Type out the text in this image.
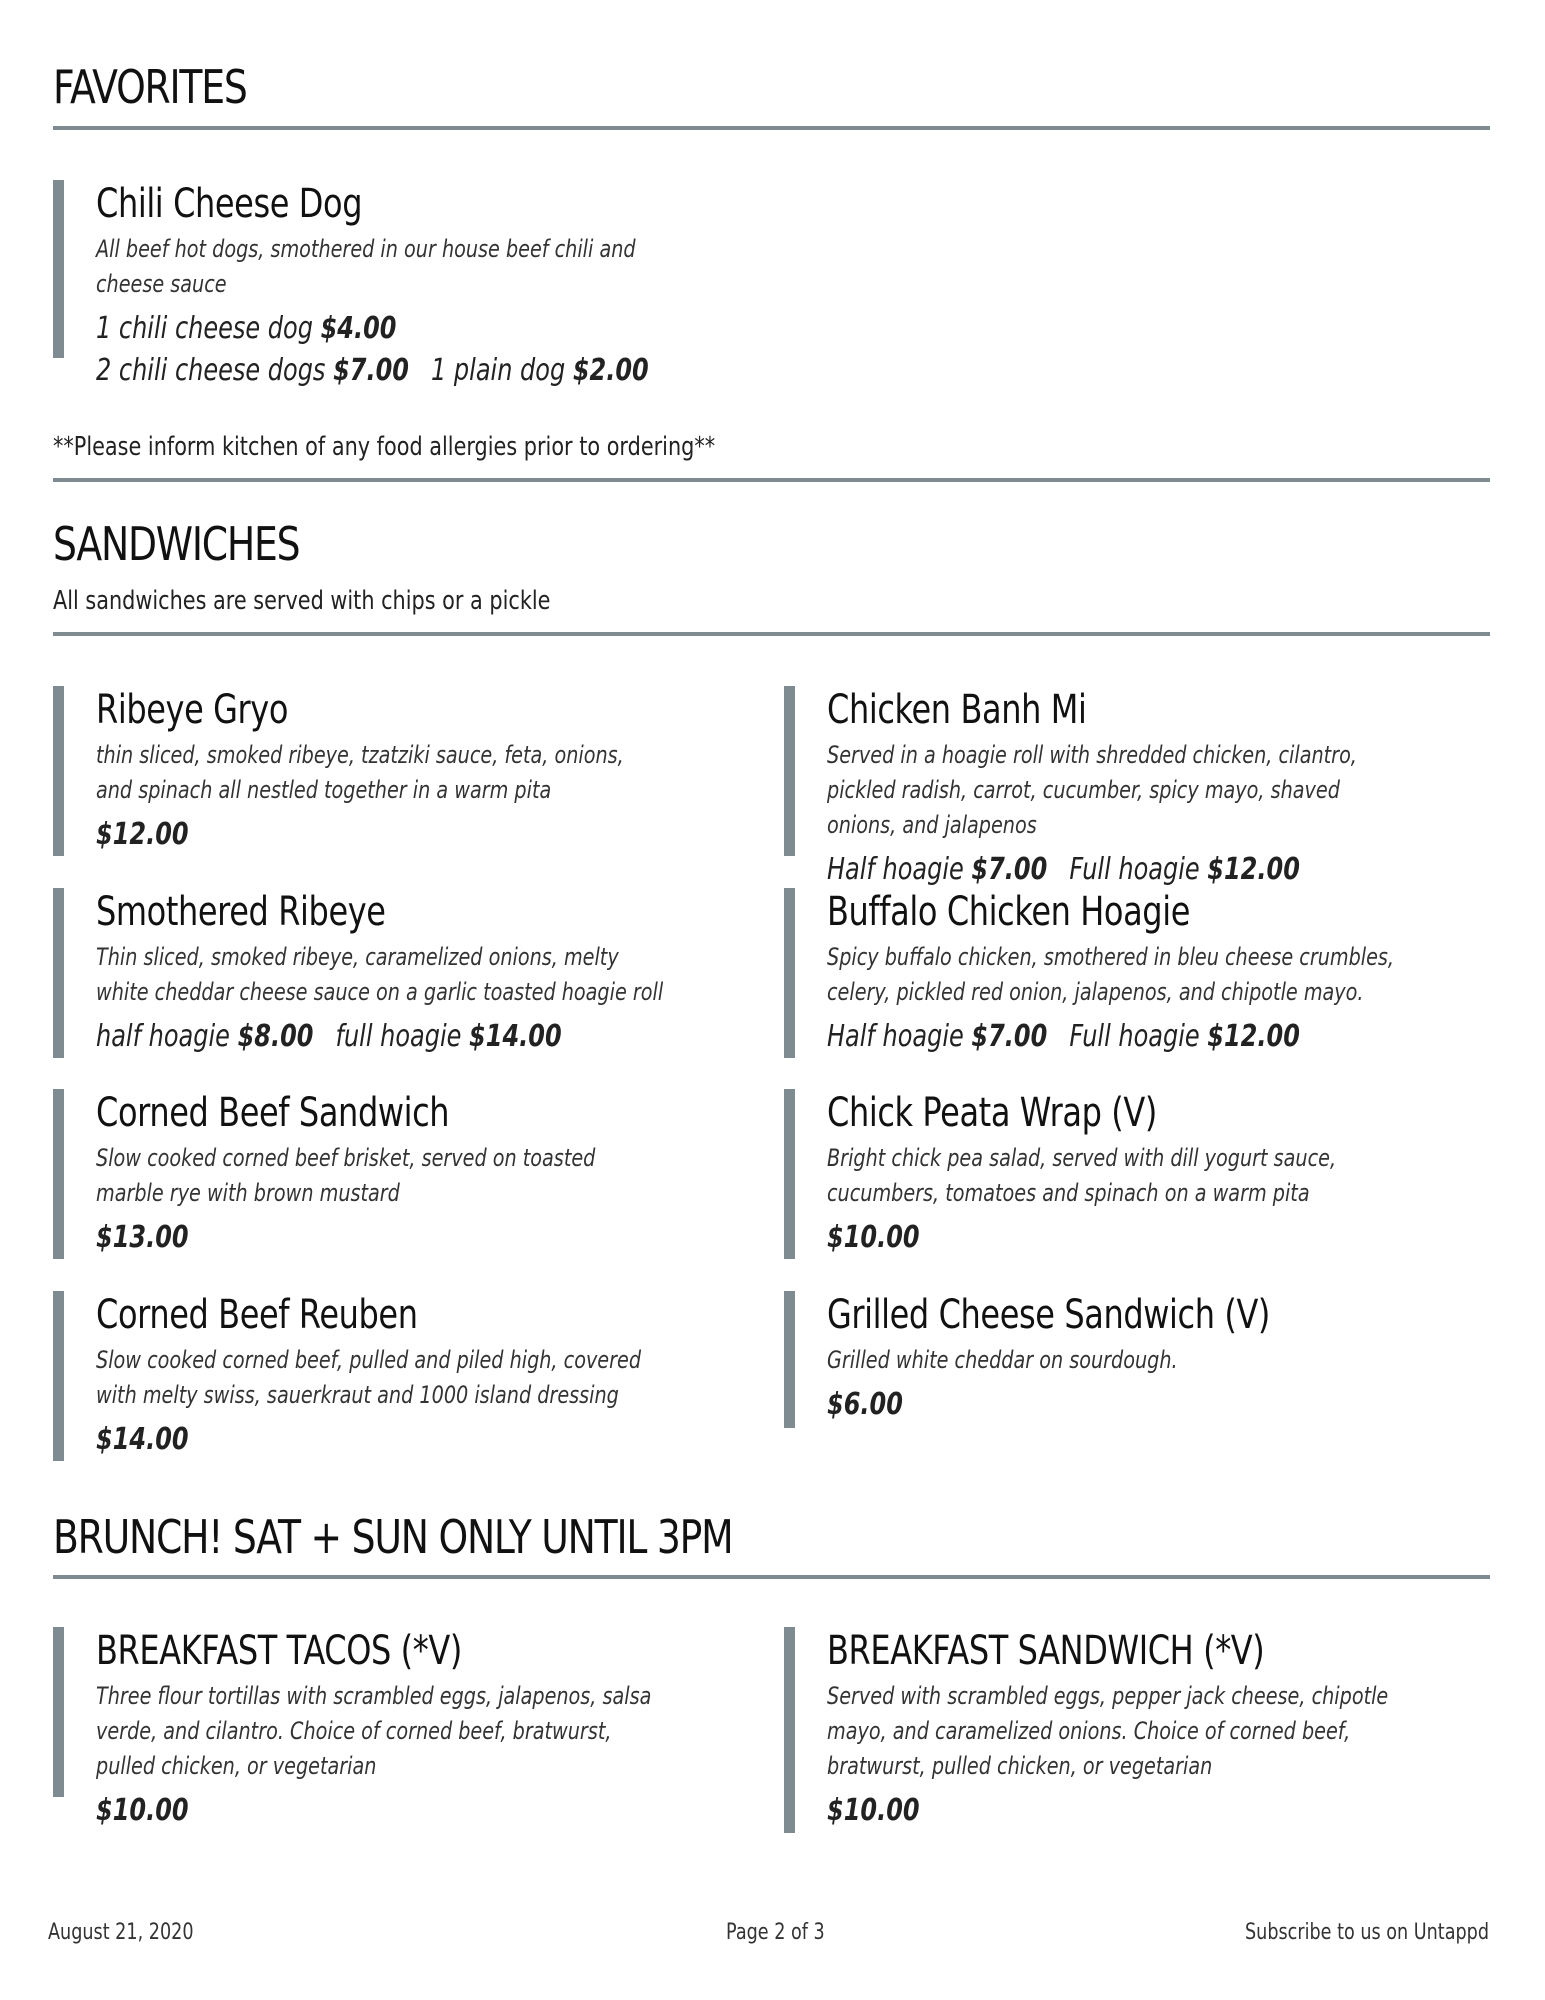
FAVORITES
Chili Cheese Dog
All beef hot dogs, smothered in our house beef chili and cheese sauce
1 chili cheese dog $4.00 2 chili cheese dogs $7.00 1 plain dog $2.00
**Please inform kitchen of any food allergies prior to ordering**
SANDWICHES
All sandwiches are served with chips or a pickle
Ribeye Gryo
thin sliced, smoked ribeye, tzatziki sauce, feta, onions, and spinach all nestled together in a warm pita
$12.00
Chicken Banh Mi
Served in a hoagie roll with shredded chicken, cilantro, pickled radish, carrot, cucumber, spicy mayo, shaved onions, and jalapenos
Half hoagie $7.00 Full hoagie $12.00
Smothered Ribeye
Thin sliced, smoked ribeye, caramelized onions, melty white cheddar cheese sauce on a garlic toasted hoagie roll
half hoagie $8.00 full hoagie $14.00
Buffalo Chicken Hoagie
Spicy buffalo chicken, smothered in bleu cheese crumbles, celery, pickled red onion, jalapenos, and chipotle mayo.
Half hoagie $7.00 Full hoagie $12.00
Corned Beef Sandwich
Slow cooked corned beef brisket, served on toasted marble rye with brown mustard
$13.00
Chick Peata Wrap (V)
Bright chick pea salad, served with dill yogurt sauce, cucumbers, tomatoes and spinach on a warm pita
$10.00
Corned Beef Reuben
Slow cooked corned beef, pulled and piled high, covered with melty swiss, sauerkraut and 1000 island dressing
$14.00
Grilled Cheese Sandwich (V)
Grilled white cheddar on sourdough.
$6.00
BRUNCH! SAT + SUN ONLY UNTIL 3PM
BREAKFAST TACOS (*V)
Three flour tortillas with scrambled eggs, jalapenos, salsa verde, and cilantro. Choice of corned beef, bratwurst, pulled chicken, or vegetarian
$10.00
BREAKFAST SANDWICH (*V)
Served with scrambled eggs, pepper jack cheese, chipotle mayo, and caramelized onions. Choice of corned beef, bratwurst, pulled chicken, or vegetarian
$10.00
August 21, 2020	Page 2 of 3	Subscribe to us on Untappd
